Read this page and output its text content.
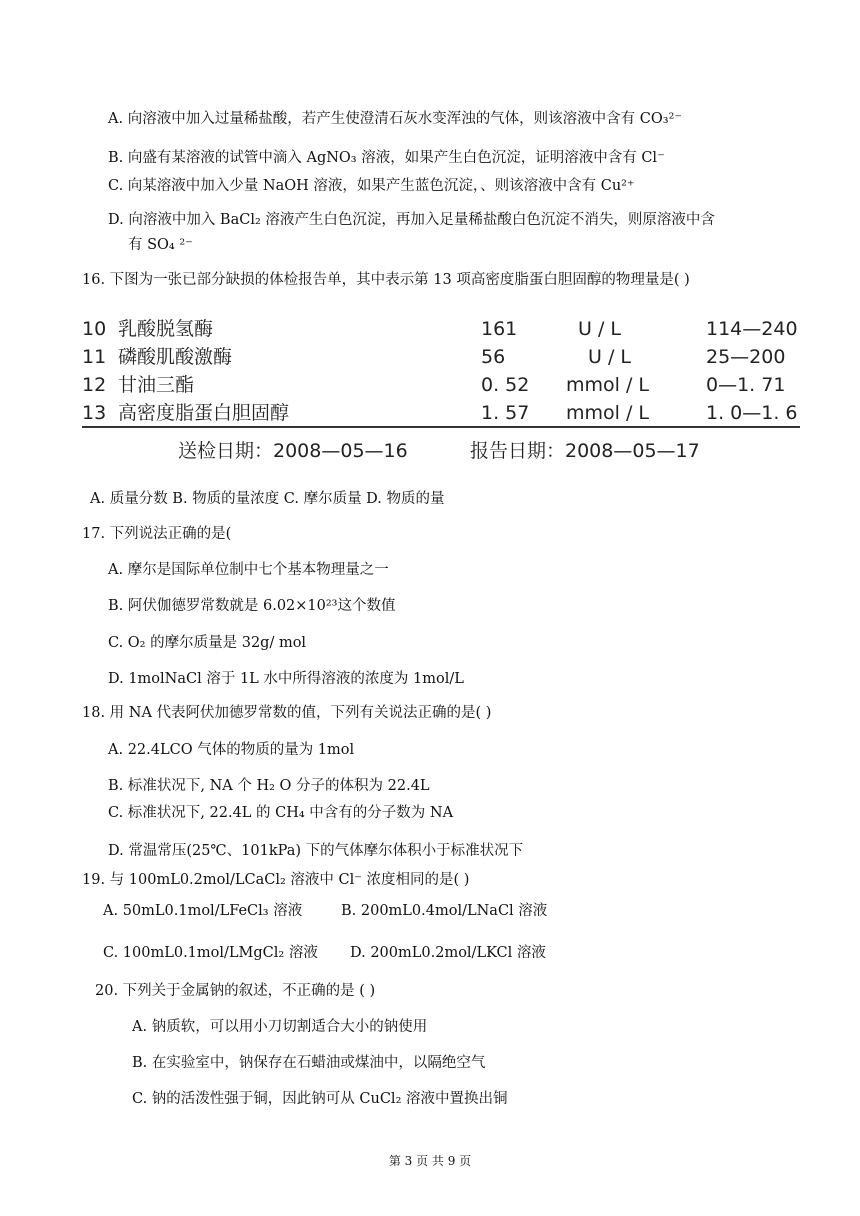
A. 向溶液中加入过量稀盐酸，若产生使澄清石灰水变浑浊的气体，则该溶液中含有 CO₃²⁻
B. 向盛有某溶液的试管中滴入 AgNO₃ 溶液，如果产生白色沉淀，证明溶液中含有 Cl⁻
C. 向某溶液中加入少量 NaOH 溶液，如果产生蓝色沉淀，、则该溶液中含有 Cu²⁺
D. 向溶液中加入 BaCl₂ 溶液产生白色沉淀，再加入足量稀盐酸白色沉淀不消失，则原溶液中含
有 SO₄ ²⁻
16. 下图为一张已部分缺损的体检报告单，其中表示第 13 项高密度脂蛋白胆固醇的物理量是( )
10 乳酸脱氢酶	161	U / L	114—240
11 磷酸肌酸激酶	56	U / L	25—200
12 甘油三酯	0. 52 mmol / L	0—1. 71
13 高密度脂蛋白胆固醇	1. 57 mmol / L	1. 0—1. 6
送检日期：2008—05—16	报告日期：2008—05—17
A. 质量分数 B. 物质的量浓度 C. 摩尔质量 D. 物质的量
17. 下列说法正确的是(
A. 摩尔是国际单位制中七个基本物理量之一
B. 阿伏伽德罗常数就是 6.02×10²³这个数值
C. O₂ 的摩尔质量是 32g/ mol
D. 1molNaCl 溶于 1L 水中所得溶液的浓度为 1mol/L
18. 用 NA 代表阿伏加德罗常数的值，下列有关说法正确的是( )
A. 22.4LCO 气体的物质的量为 1mol
B. 标准状况下, NA 个 H₂ O 分子的体积为 22.4L
C. 标准状况下, 22.4L 的 CH₄ 中含有的分子数为 NA
D. 常温常压(25℃、101kPa) 下的气体摩尔体积小于标准状况下
19. 与 100mL0.2mol/LCaCl₂ 溶液中 Cl⁻ 浓度相同的是( )
A. 50mL0.1mol/LFeCl₃ 溶液	B. 200mL0.4mol/LNaCl 溶液
C. 100mL0.1mol/LMgCl₂ 溶液 D. 200mL0.2mol/LKCl 溶液
20. 下列关于金属钠的叙述，不正确的是 ( )
A. 钠质软，可以用小刀切割适合大小的钠使用
B. 在实验室中，钠保存在石蜡油或煤油中，以隔绝空气
C. 钠的活泼性强于铜，因此钠可从 CuCl₂ 溶液中置换出铜
第 3 页 共 9 页
